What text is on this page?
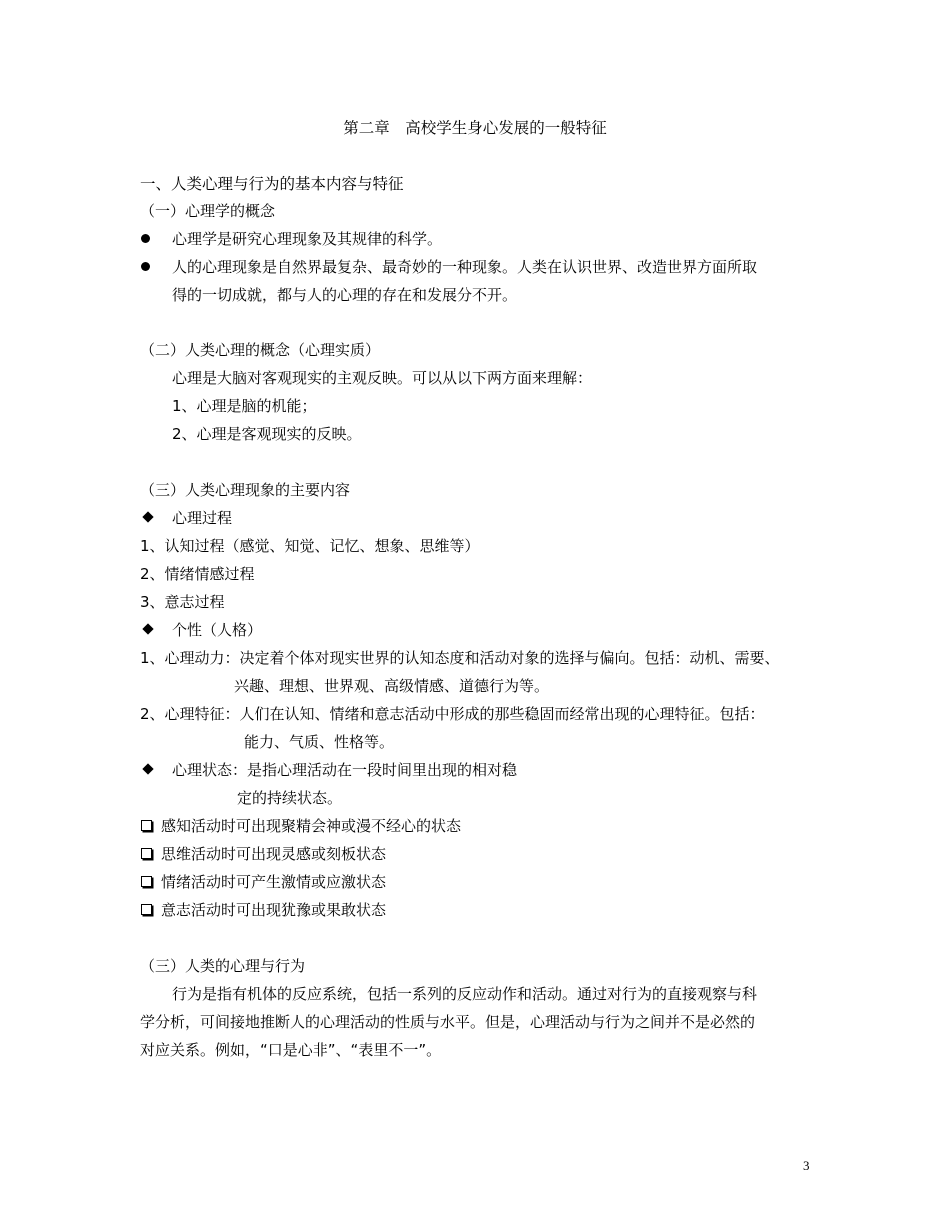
第二章　高校学生身心发展的一般特征
一、人类心理与行为的基本内容与特征
（一）心理学的概念
心理学是研究心理现象及其规律的科学。
人的心理现象是自然界最复杂、最奇妙的一种现象。人类在认识世界、改造世界方面所取
得的一切成就，都与人的心理的存在和发展分不开。
（二）人类心理的概念（心理实质）
心理是大脑对客观现实的主观反映。可以从以下两方面来理解：
1、心理是脑的机能；
2、心理是客观现实的反映。
（三）人类心理现象的主要内容
心理过程
1、认知过程（感觉、知觉、记忆、想象、思维等）
2、情绪情感过程
3、意志过程
个性（人格）
1、心理动力：决定着个体对现实世界的认知态度和活动对象的选择与偏向。包括：动机、需要、
兴趣、理想、世界观、高级情感、道德行为等。
2、心理特征：人们在认知、情绪和意志活动中形成的那些稳固而经常出现的心理特征。包括：
能力、气质、性格等。
心理状态：是指心理活动在一段时间里出现的相对稳
定的持续状态。
感知活动时可出现聚精会神或漫不经心的状态
思维活动时可出现灵感或刻板状态
情绪活动时可产生激情或应激状态
意志活动时可出现犹豫或果敢状态
（三）人类的心理与行为
行为是指有机体的反应系统，包括一系列的反应动作和活动。通过对行为的直接观察与科
学分析，可间接地推断人的心理活动的性质与水平。但是，心理活动与行为之间并不是必然的
对应关系。例如，“口是心非”、“表里不一”。
3
